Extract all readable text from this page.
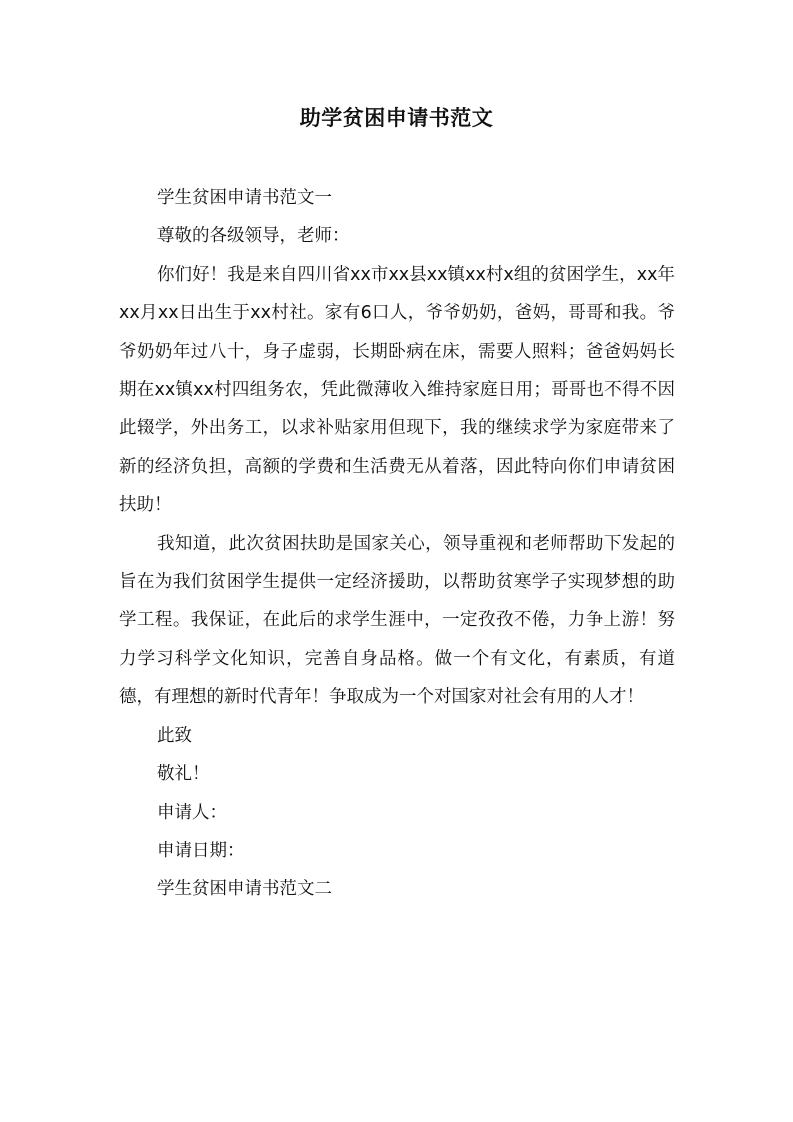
助学贫困申请书范文

学生贫困申请书范文一

尊敬的各级领导，老师：

你们好！我是来自四川省xx市xx县xx镇xx村x组的贫困学生，xx年xx月xx日出生于xx村社。家有6口人，爷爷奶奶，爸妈，哥哥和我。爷爷奶奶年过八十，身子虚弱，长期卧病在床，需要人照料；爸爸妈妈长期在xx镇xx村四组务农，凭此微薄收入维持家庭日用；哥哥也不得不因此辍学，外出务工，以求补贴家用但现下，我的继续求学为家庭带来了新的经济负担，高额的学费和生活费无从着落，因此特向你们申请贫困扶助！

我知道，此次贫困扶助是国家关心，领导重视和老师帮助下发起的旨在为我们贫困学生提供一定经济援助，以帮助贫寒学子实现梦想的助学工程。我保证，在此后的求学生涯中，一定孜孜不倦，力争上游！努力学习科学文化知识，完善自身品格。做一个有文化，有素质，有道德，有理想的新时代青年！争取成为一个对国家对社会有用的人才！

此致

敬礼！

申请人：

申请日期：

学生贫困申请书范文二
